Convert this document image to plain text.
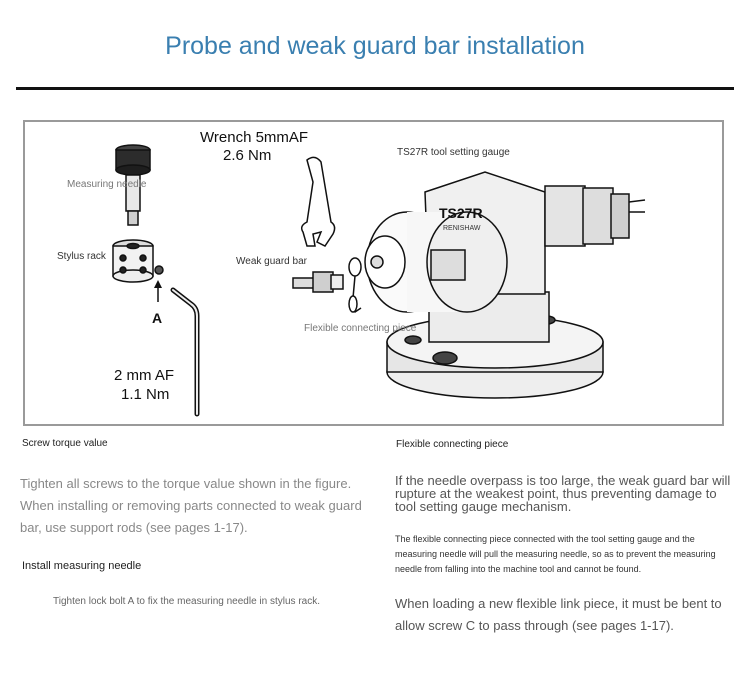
Probe and weak guard bar installation
TS27R
RENISHAW
Wrench 5mmAF
2.6 Nm	TS27R tool setting gauge
Measuring needle
Stylus rack
A
Weak guard bar
Flexible connecting piece
2 mm AF
1.1 Nm
Screw torque value	Flexible connecting piece
Tighten all screws to the torque value shown in the figure. When installing or removing parts connected to weak guard bar, use support rods (see pages 1-17).
Install measuring needle
Tighten lock bolt A to fix the measuring needle in stylus rack.
If the needle overpass is too large, the weak guard bar will rupture at the weakest point, thus preventing damage to tool setting gauge mechanism.
The flexible connecting piece connected with the tool setting gauge and the measuring needle will pull the measuring needle, so as to prevent the measuring needle from falling into the machine tool and cannot be found.
When loading a new flexible link piece, it must be bent to allow screw C to pass through (see pages 1-17).
